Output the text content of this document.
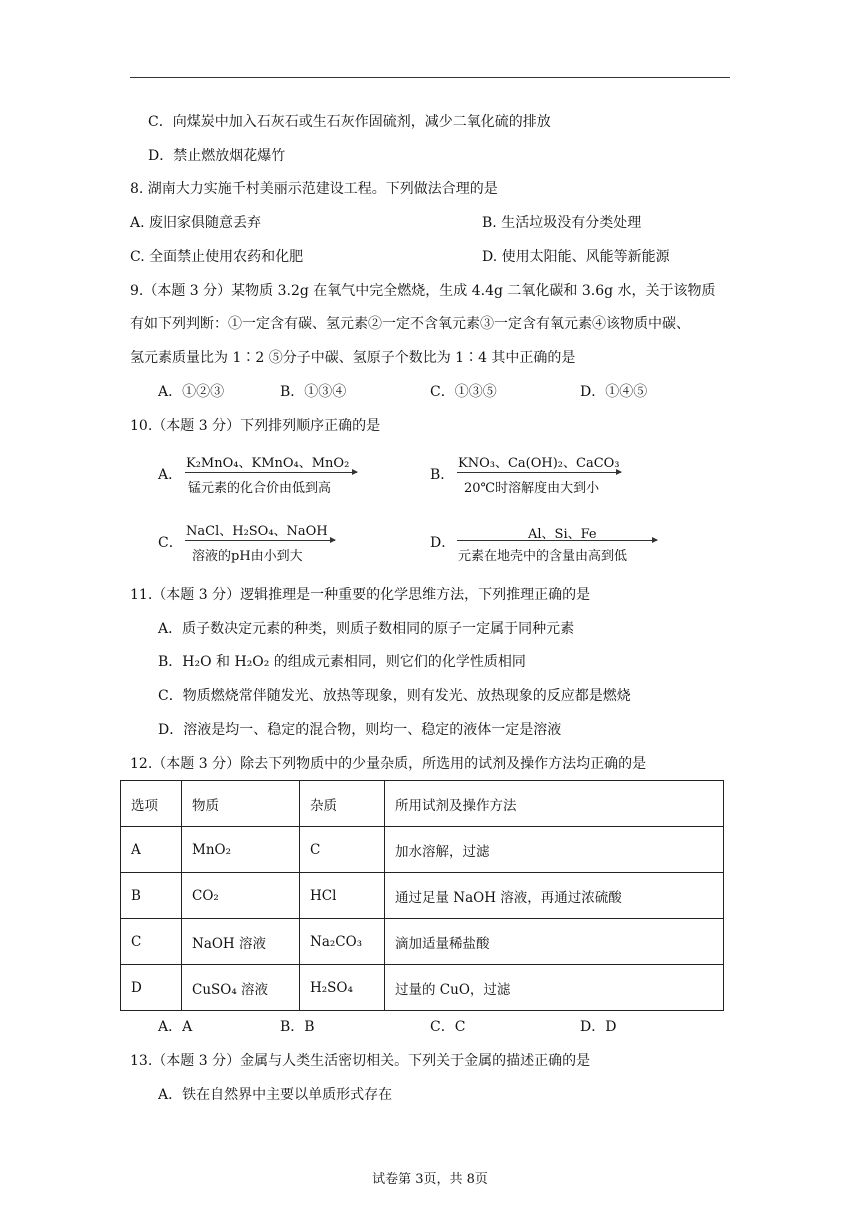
C．向煤炭中加入石灰石或生石灰作固硫剂，减少二氧化硫的排放
D．禁止燃放烟花爆竹
8. 湖南大力实施千村美丽示范建设工程。下列做法合理的是
A. 废旧家俱随意丢弃	B. 生活垃圾没有分类处理
C. 全面禁止使用农药和化肥	D. 使用太阳能、风能等新能源
9.（本题 3 分）某物质 3.2g 在氧气中完全燃烧，生成 4.4g 二氧化碳和 3.6g 水，关于该物质
有如下列判断：①一定含有碳、氢元素②一定不含氧元素③一定含有氧元素④该物质中碳、
氢元素质量比为 1∶2 ⑤分子中碳、氢原子个数比为 1∶4 其中正确的是
A．①②③	B．①③④	C．①③⑤	D．①④⑤
10.（本题 3 分）下列排列顺序正确的是
A．
K₂MnO₄、KMnO₄、MnO₂
锰元素的化合价由低到高
B．
KNO₃、Ca(OH)₂、CaCO₃
20℃时溶解度由大到小
C．
NaCl、H₂SO₄、NaOH
溶液的pH由小到大
D．
Al、Si、Fe
元素在地壳中的含量由高到低
11.（本题 3 分）逻辑推理是一种重要的化学思维方法，下列推理正确的是
A．质子数决定元素的种类，则质子数相同的原子一定属于同种元素
B．H₂O 和 H₂O₂ 的组成元素相同，则它们的化学性质相同
C．物质燃烧常伴随发光、放热等现象，则有发光、放热现象的反应都是燃烧
D．溶液是均一、稳定的混合物，则均一、稳定的液体一定是溶液
12.（本题 3 分）除去下列物质中的少量杂质，所选用的试剂及操作方法均正确的是
选项	物质	杂质	所用试剂及操作方法
A	MnO₂	C	加水溶解，过滤
B	CO₂	HCl	通过足量 NaOH 溶液，再通过浓硫酸
C	NaOH 溶液	Na₂CO₃	滴加适量稀盐酸
D	CuSO₄ 溶液	H₂SO₄	过量的 CuO，过滤
A．A	B．B	C．C	D．D
13.（本题 3 分）金属与人类生活密切相关。下列关于金属的描述正确的是
A．铁在自然界中主要以单质形式存在
试卷第 3页，共 8页
